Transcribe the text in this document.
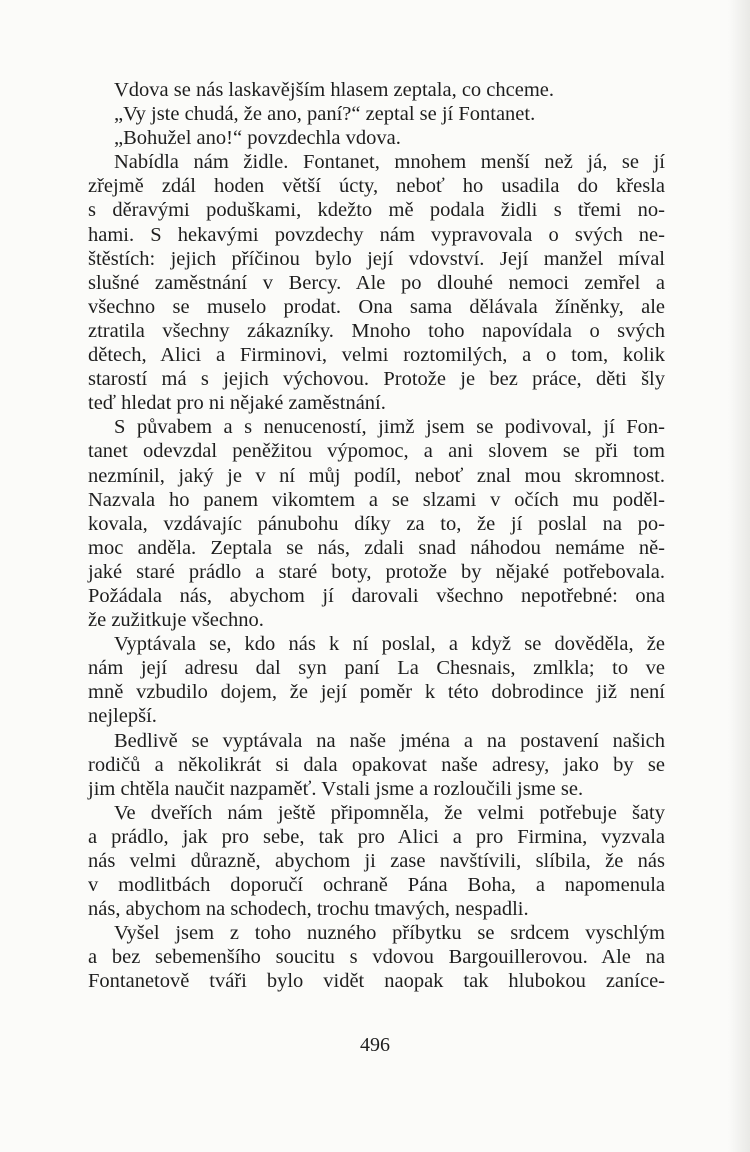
Vdova se nás laskavějším hlasem zeptala, co chceme.
„Vy jste chudá, že ano, paní?“ zeptal se jí Fontanet.
„Bohužel ano!“ povzdechla vdova.
Nabídla nám židle. Fontanet, mnohem menší než já, se jí
zřejmě zdál hoden větší úcty, neboť ho usadila do křesla
s děravými poduškami, kdežto mě podala židli s třemi no-
hami. S hekavými povzdechy nám vypravovala o svých ne-
štěstích: jejich příčinou bylo její vdovství. Její manžel míval
slušné zaměstnání v Bercy. Ale po dlouhé nemoci zemřel a
všechno se muselo prodat. Ona sama dělávala žíněnky, ale
ztratila všechny zákazníky. Mnoho toho napovídala o svých
dětech, Alici a Firminovi, velmi roztomilých, a o tom, kolik
starostí má s jejich výchovou. Protože je bez práce, děti šly
teď hledat pro ni nějaké zaměstnání.
S půvabem a s nenuceností, jimž jsem se podivoval, jí Fon-
tanet odevzdal peněžitou výpomoc, a ani slovem se při tom
nezmínil, jaký je v ní můj podíl, neboť znal mou skromnost.
Nazvala ho panem vikomtem a se slzami v očích mu poděl-
kovala, vzdávajíc pánubohu díky za to, že jí poslal na po-
moc anděla. Zeptala se nás, zdali snad náhodou nemáme ně-
jaké staré prádlo a staré boty, protože by nějaké potřebovala.
Požádala nás, abychom jí darovali všechno nepotřebné: ona
že zužitkuje všechno.
Vyptávala se, kdo nás k ní poslal, a když se dověděla, že
nám její adresu dal syn paní La Chesnais, zmlkla; to ve
mně vzbudilo dojem, že její poměr k této dobrodince již není
nejlepší.
Bedlivě se vyptávala na naše jména a na postavení našich
rodičů a několikrát si dala opakovat naše adresy, jako by se
jim chtěla naučit nazpaměť. Vstali jsme a rozloučili jsme se.
Ve dveřích nám ještě připomněla, že velmi potřebuje šaty
a prádlo, jak pro sebe, tak pro Alici a pro Firmina, vyzvala
nás velmi důrazně, abychom ji zase navštívili, slíbila, že nás
v modlitbách doporučí ochraně Pána Boha, a napomenula
nás, abychom na schodech, trochu tmavých, nespadli.
Vyšel jsem z toho nuzného příbytku se srdcem vyschlým
a bez sebemenšího soucitu s vdovou Bargouillerovou. Ale na
Fontanetově tváři bylo vidět naopak tak hlubokou zaníce-
496
